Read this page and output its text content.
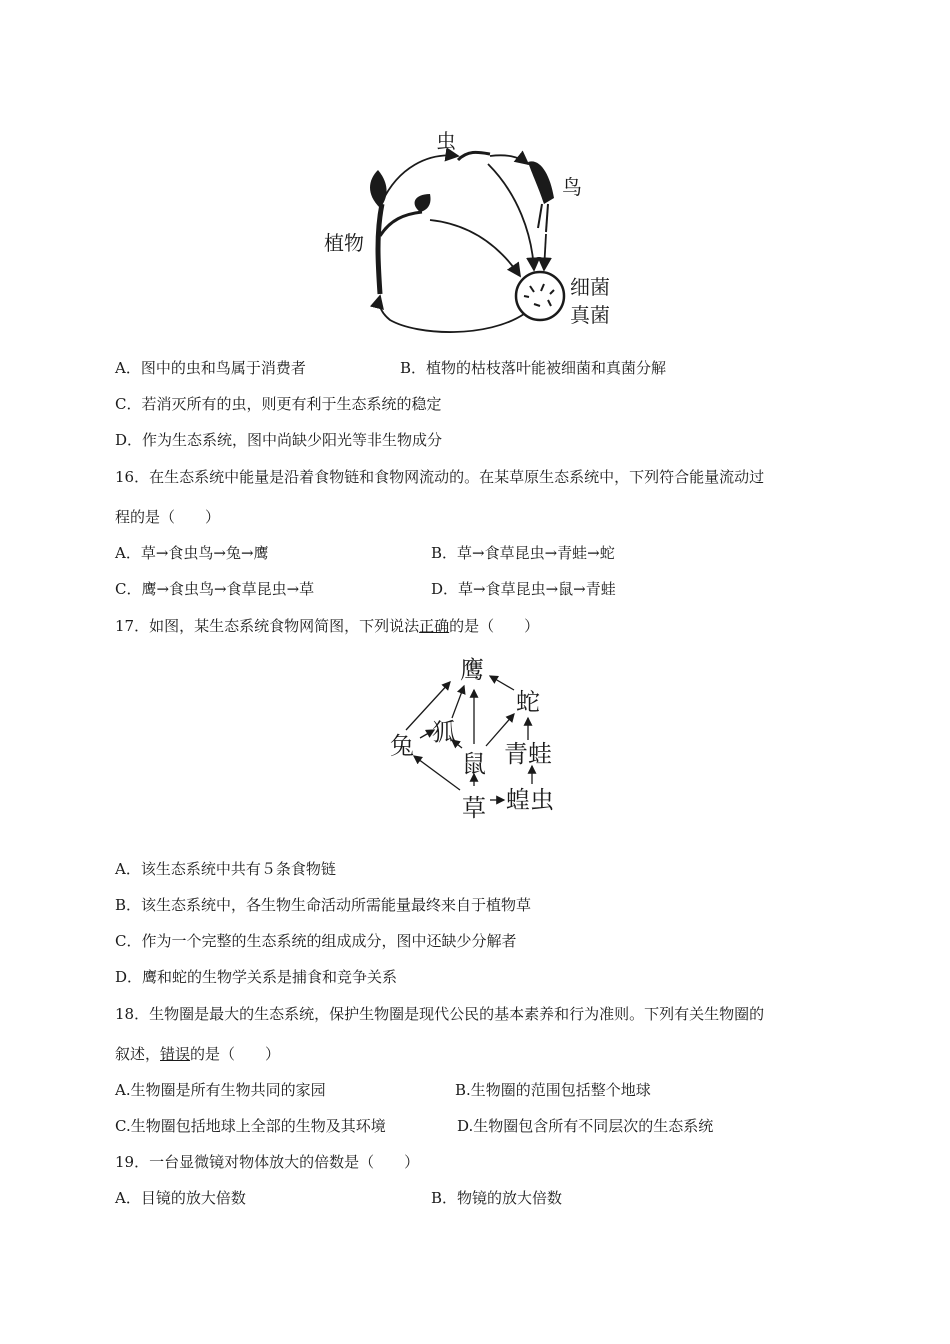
虫
鸟
植物
细菌
真菌
A．图中的虫和鸟属于消费者	B．植物的枯枝落叶能被细菌和真菌分解
C．若消灭所有的虫，则更有利于生态系统的稳定
D．作为生态系统，图中尚缺少阳光等非生物成分
16．在生态系统中能量是沿着食物链和食物网流动的。在某草原生态系统中，下列符合能量流动过
程的是（　　）
A．草→食虫鸟→兔→鹰	B．草→食草昆虫→青蛙→蛇
C．鹰→食虫鸟→食草昆虫→草	D．草→食草昆虫→鼠→青蛙
17．如图，某生态系统食物网简图，下列说法正确的是（　　）
鹰
蛇
狐
兔
鼠 青蛙
草 蝗虫
A．该生态系统中共有５条食物链
B．该生态系统中，各生物生命活动所需能量最终来自于植物草
C．作为一个完整的生态系统的组成成分，图中还缺少分解者
D．鹰和蛇的生物学关系是捕食和竞争关系
18．生物圈是最大的生态系统，保护生物圈是现代公民的基本素养和行为准则。下列有关生物圈的
叙述，错误的是（　　）
A.生物圈是所有生物共同的家园	B.生物圈的范围包括整个地球
C.生物圈包括地球上全部的生物及其环境	D.生物圈包含所有不同层次的生态系统
19．一台显微镜对物体放大的倍数是（　　）
A．目镜的放大倍数	B．物镜的放大倍数
